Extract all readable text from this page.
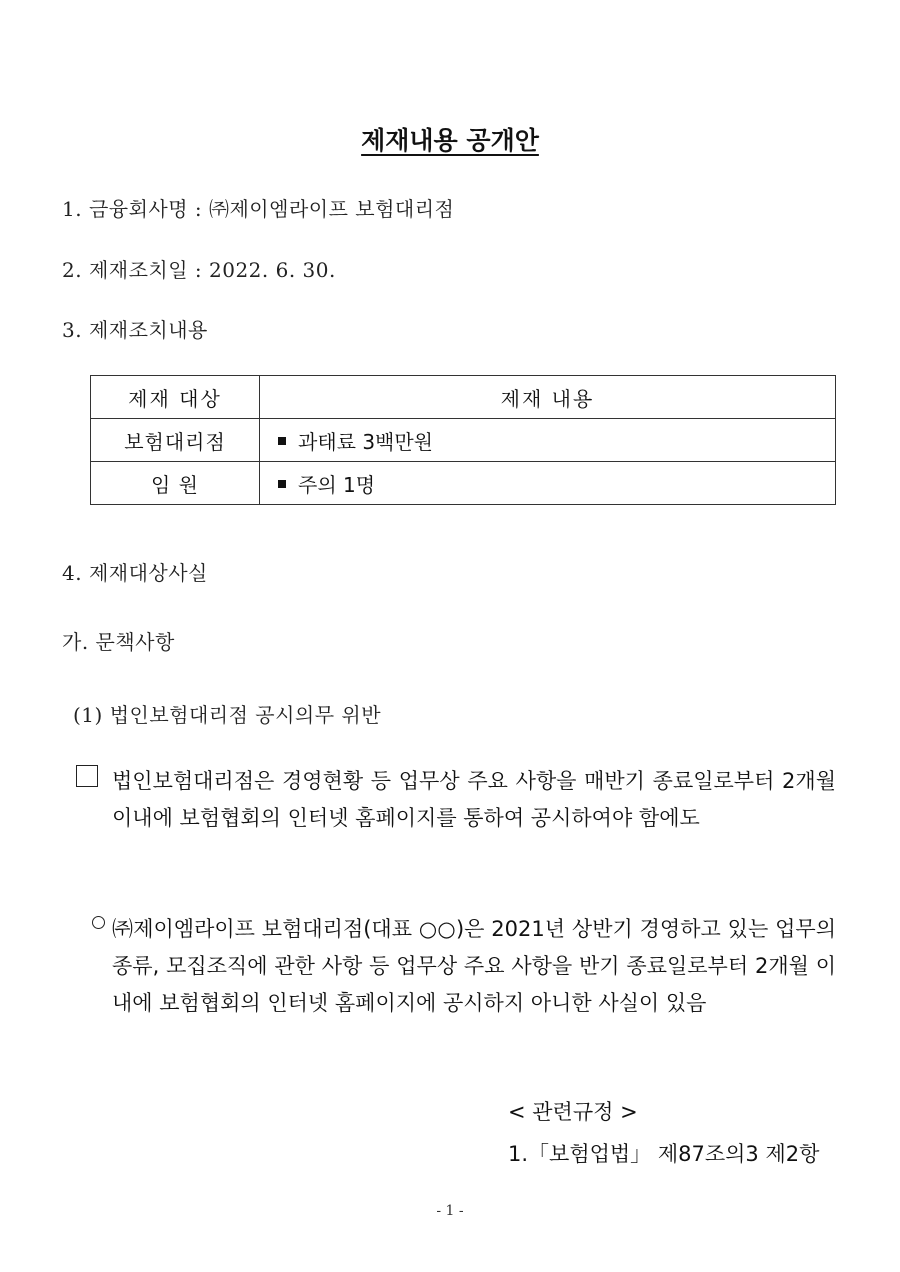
제재내용 공개안
1. 금융회사명 : ㈜제이엠라이프 보험대리점
2. 제재조치일 : 2022. 6. 30.
3. 제재조치내용
제재 대상	제재 내용
보험대리점	과태료 3백만원
임 원	주의 1명
4. 제재대상사실
가. 문책사항
(1) 법인보험대리점 공시의무 위반
법인보험대리점은 경영현황 등 업무상 주요 사항을 매반기 종료일로부터 2개월 이내에 보험협회의 인터넷 홈페이지를 통하여 공시하여야 함에도
㈜제이엠라이프 보험대리점(대표 ○○)은 2021년 상반기 경영하고 있는 업무의 종류, 모집조직에 관한 사항 등 업무상 주요 사항을 반기 종료일로부터 2개월 이내에 보험협회의 인터넷 홈페이지에 공시하지 아니한 사실이 있음
< 관련규정 >
1.「보험업법」 제87조의3 제2항
- 1 -
